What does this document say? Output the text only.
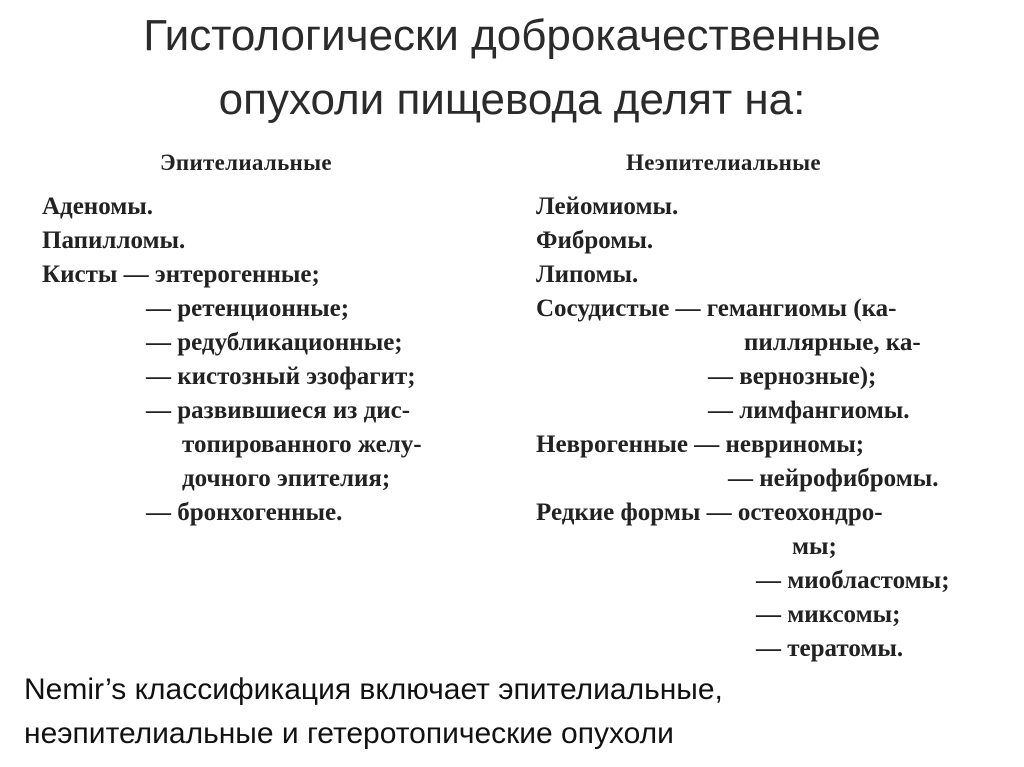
Гистологически доброкачественные
опухоли пищевода делят на:
Эпителиальные	Неэпителиальные
Аденомы.
Папилломы.
Кисты — энтерогенные;
— ретенционные;
— редубликационные;
— кистозный эзофагит;
— развившиеся из дис-
топированного желу-
дочного эпителия;
— бронхогенные.
Лейомиомы.
Фибромы.
Липомы.
Сосудистые — гемангиомы (ка-
пиллярные, ка-
— вернозные);
— лимфангиомы.
Неврогенные — невриномы;
— нейрофибромы.
Редкие формы — остеохондро-
мы;
— миобластомы;
— миксомы;
— тератомы.
Nemir’s классификация включает эпителиальные,
неэпителиальные и гетеротопические опухоли
